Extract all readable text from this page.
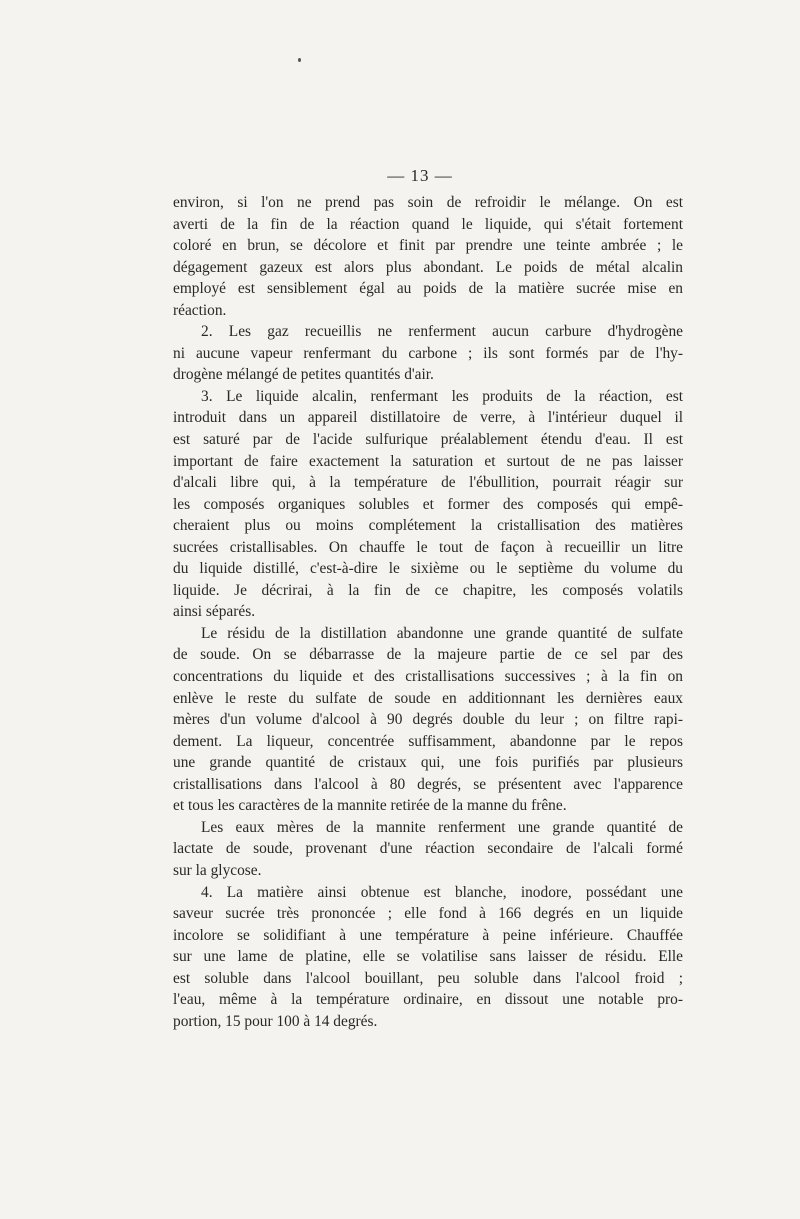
— 13 —
environ, si l'on ne prend pas soin de refroidir le mélange. On est
averti de la fin de la réaction quand le liquide, qui s'était fortement
coloré en brun, se décolore et finit par prendre une teinte ambrée ; le
dégagement gazeux est alors plus abondant. Le poids de métal alcalin
employé est sensiblement égal au poids de la matière sucrée mise en
réaction.
2. Les gaz recueillis ne renferment aucun carbure d'hydrogène
ni aucune vapeur renfermant du carbone ; ils sont formés par de l'hy-
drogène mélangé de petites quantités d'air.
3. Le liquide alcalin, renfermant les produits de la réaction, est
introduit dans un appareil distillatoire de verre, à l'intérieur duquel il
est saturé par de l'acide sulfurique préalablement étendu d'eau. Il est
important de faire exactement la saturation et surtout de ne pas laisser
d'alcali libre qui, à la température de l'ébullition, pourrait réagir sur
les composés organiques solubles et former des composés qui empê-
cheraient plus ou moins complétement la cristallisation des matières
sucrées cristallisables. On chauffe le tout de façon à recueillir un litre
du liquide distillé, c'est-à-dire le sixième ou le septième du volume du
liquide. Je décrirai, à la fin de ce chapitre, les composés volatils
ainsi séparés.
Le résidu de la distillation abandonne une grande quantité de sulfate
de soude. On se débarrasse de la majeure partie de ce sel par des
concentrations du liquide et des cristallisations successives ; à la fin on
enlève le reste du sulfate de soude en additionnant les dernières eaux
mères d'un volume d'alcool à 90 degrés double du leur ; on filtre rapi-
dement. La liqueur, concentrée suffisamment, abandonne par le repos
une grande quantité de cristaux qui, une fois purifiés par plusieurs
cristallisations dans l'alcool à 80 degrés, se présentent avec l'apparence
et tous les caractères de la mannite retirée de la manne du frêne.
Les eaux mères de la mannite renferment une grande quantité de
lactate de soude, provenant d'une réaction secondaire de l'alcali formé
sur la glycose.
4. La matière ainsi obtenue est blanche, inodore, possédant une
saveur sucrée très prononcée ; elle fond à 166 degrés en un liquide
incolore se solidifiant à une température à peine inférieure. Chauffée
sur une lame de platine, elle se volatilise sans laisser de résidu. Elle
est soluble dans l'alcool bouillant, peu soluble dans l'alcool froid ;
l'eau, même à la température ordinaire, en dissout une notable pro-
portion, 15 pour 100 à 14 degrés.
